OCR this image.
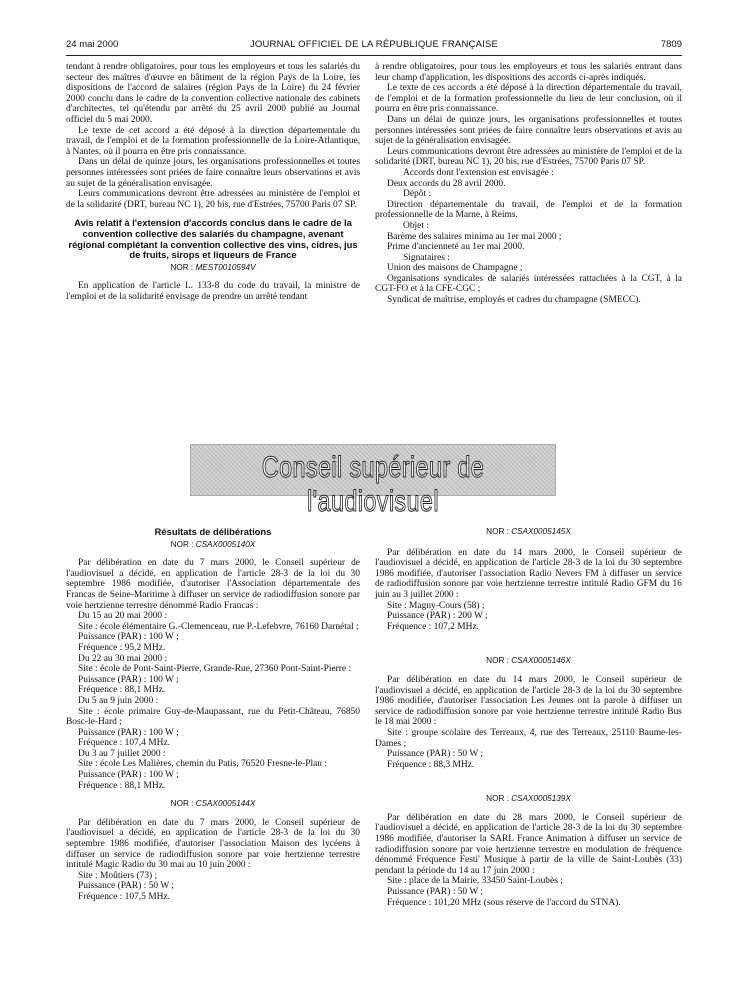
24 mai 2000	JOURNAL OFFICIEL DE LA RÉPUBLIQUE FRANÇAISE	7809

tendant à rendre obligatoires, pour tous les employeurs et tous les salariés du secteur des maîtres d'œuvre en bâtiment de la région Pays de la Loire, les dispositions de l'accord de salaires (région Pays de la Loire) du 24 février 2000 conclu dans le cadre de la convention collective nationale des cabinets d'architectes, tel qu'étendu par arrêté du 25 avril 2000 publié au Journal officiel du 5 mai 2000.

Le texte de cet accord a été déposé à la direction départementale du travail, de l'emploi et de la formation professionnelle de la Loire-Atlantique, à Nantes, où il pourra en être pris connaissance.

Dans un délai de quinze jours, les organisations professionnelles et toutes personnes intéressées sont priées de faire connaître leurs observations et avis au sujet de la généralisation envisagée.

Leurs communications devront être adressées au ministère de l'emploi et de la solidarité (DRT, bureau NC 1), 20 bis, rue d'Estrées, 75700 Paris 07 SP.

Avis relatif à l'extension d'accords conclus dans le cadre de la convention collective des salariés du champagne, avenant régional complétant la convention collective des vins, cidres, jus de fruits, sirops et liqueurs de France
NOR : MESТ0010594V

En application de l'article L. 133-8 du code du travail, la ministre de l'emploi et de la solidarité envisage de prendre un arrêté tendant

à rendre obligatoires, pour tous les employeurs et tous les salariés entrant dans leur champ d'application, les dispositions des accords ci-après indiqués.

Le texte de ces accords a été déposé à la direction départementale du travail, de l'emploi et de la formation professionnelle du lieu de leur conclusion, où il pourra en être pris connaissance.

Dans un délai de quinze jours, les organisations professionnelles et toutes personnes intéressées sont priées de faire connaître leurs observations et avis au sujet de la généralisation envisagée.

Leurs communications devront être adressées au ministère de l'emploi et de la solidarité (DRT, bureau NC 1), 20 bis, rue d'Estrées, 75700 Paris 07 SP.

Accords dont l'extension est envisagée :

Deux accords du 28 avril 2000.

Dépôt :

Direction départementale du travail, de l'emploi et de la formation professionnelle de la Marne, à Reims.

Objet :

Barème des salaires minima au 1er mai 2000 ;

Prime d'ancienneté au 1er mai 2000.

Signataires :

Union des maisons de Champagne ;

Organisations syndicales de salariés intéressées rattachées à la CGT, à la CGT-FO et à la CFE-CGC ;

Syndicat de maîtrise, employés et cadres du champagne (SMECC).

Conseil supérieur de l'audiovisuel
Résultats de délibérations
NOR : CSAX0005140X

Par délibération en date du 7 mars 2000, le Conseil supérieur de l'audiovisuel a décidé, en application de l'article 28-3 de la loi du 30 septembre 1986 modifiée, d'autoriser l'Association départementale des Francas de Seine-Maritime à diffuser un service de radiodiffusion sonore par voie hertzienne terrestre dénommé Radio Francas :

Du 15 au 20 mai 2000 :

Site : école élémentaire G.-Clemenceau, rue P.-Lefebvre, 76160 Darnétal ;

Puissance (PAR) : 100 W ;

Fréquence : 95,2 MHz.

Du 22 au 30 mai 2000 :

Site : école de Pont-Saint-Pierre, Grande-Rue, 27360 Pont-Saint-Pierre :

Puissance (PAR) : 100 W ;

Fréquence : 88,1 MHz.

Du 5 au 9 juin 2000 :

Site : école primaire Guy-de-Maupassant, rue du Petit-Château, 76850 Bosc-le-Hard ;

Puissance (PAR) : 100 W ;

Fréquence : 107,4 MHz.

Du 3 au 7 juillet 2000 :

Site : école Les Malières, chemin du Patis, 76520 Fresne-le-Plan :

Puissance (PAR) : 100 W ;

Fréquence : 88,1 MHz.

NOR : CSAX0005144X

Par délibération en date du 7 mars 2000, le Conseil supérieur de l'audiovisuel a décidé, en application de l'article 28-3 de la loi du 30 septembre 1986 modifiée, d'autoriser l'association Maison des lycéens à diffuser un service de radiodiffusion sonore par voie hertzienne terrestre intitulé Magic Radio du 30 mai au 10 juin 2000 :

Site : Moûtiers (73) ;

Puissance (PAR) : 50 W ;

Fréquence : 107,5 MHz.

NOR : CSAX0005145X

Par délibération en date du 14 mars 2000, le Conseil supérieur de l'audiovisuel a décidé, en application de l'article 28-3 de la loi du 30 septembre 1986 modifiée, d'autoriser l'association Radio Nevers FM à diffuser un service de radiodiffusion sonore par voie hertzienne terrestre intitulé Radio GFM du 16 juin au 3 juillet 2000 :

Site : Magny-Cours (58) ;

Puissance (PAR) : 200 W ;

Fréquence : 107,2 MHz.

NOR : CSAX0005146X

Par délibération en date du 14 mars 2000, le Conseil supérieur de l'audiovisuel a décidé, en application de l'article 28-3 de la loi du 30 septembre 1986 modifiée, d'autoriser l'association Les Jeunes ont la parole à diffuser un service de radiodiffusion sonore par voie hertzienne terrestre intitulé Radio Bus le 18 mai 2000 :

Site : groupe scolaire des Terreaux, 4, rue des Terreaux, 25110 Baume-les-Dames ;

Puissance (PAR) : 50 W ;

Fréquence : 88,3 MHz.

NOR : CSAX0005139X

Par délibération en date du 28 mars 2000, le Conseil supérieur de l'audiovisuel a décidé, en application de l'article 28-3 de la loi du 30 septembre 1986 modifiée, d'autoriser la SARL France Animation à diffuser un service de radiodiffusion sonore par voie hertzienne terrestre en modulation de fréquence dénommé Fréquence Festi' Musique à partir de la ville de Saint-Loubès (33) pendant la période du 14 au 17 juin 2000 :

Site : place de la Mairie, 33450 Saint-Loubès ;

Puissance (PAR) : 50 W ;

Fréquence : 101,20 MHz (sous réserve de l'accord du STNA).
